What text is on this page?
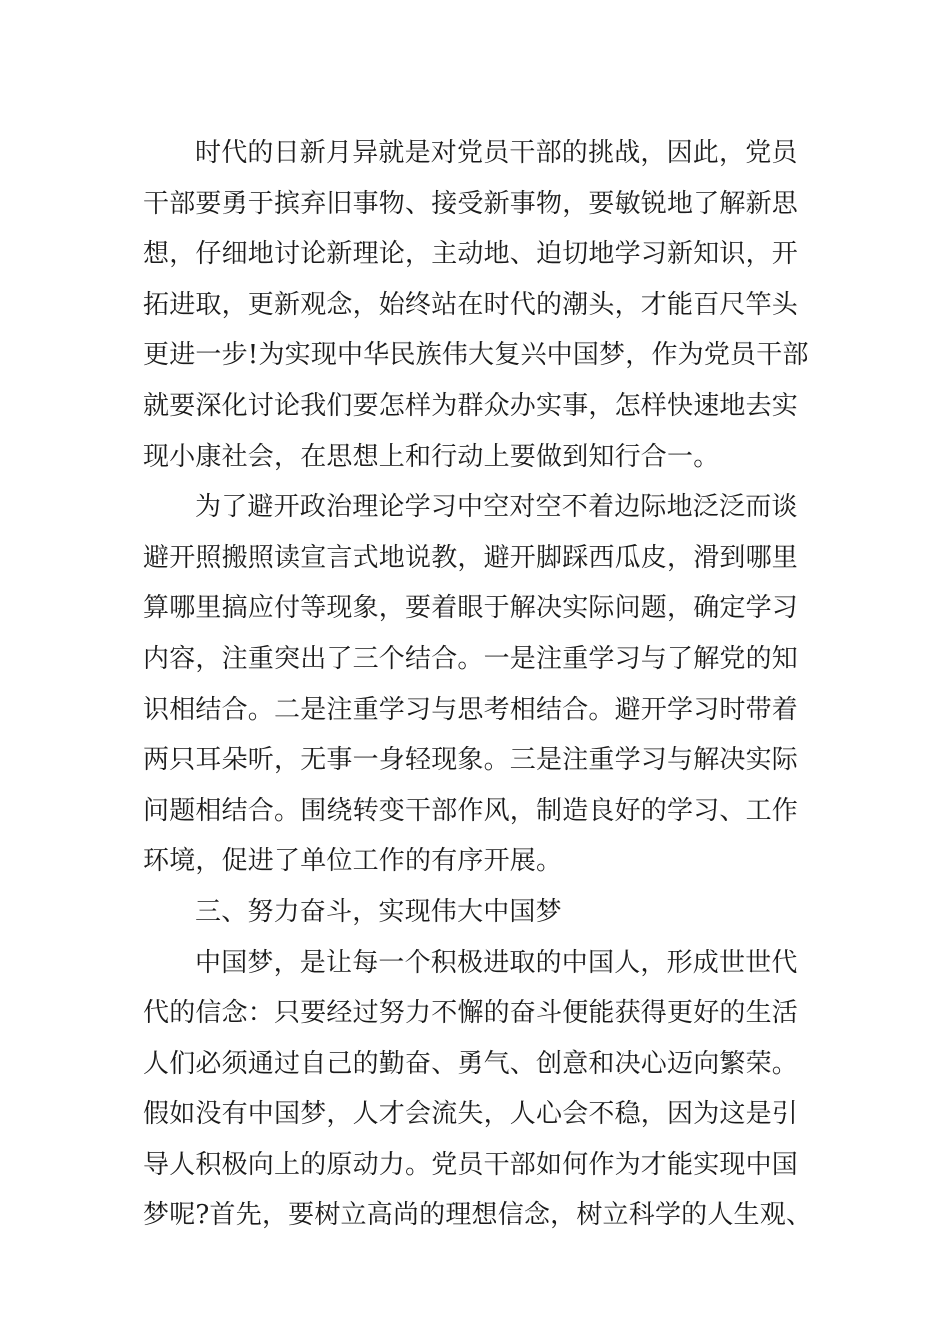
时代的日新月异就是对党员干部的挑战，因此，党员
干部要勇于摈弃旧事物、接受新事物，要敏锐地了解新思
想，仔细地讨论新理论，主动地、迫切地学习新知识，开
拓进取，更新观念，始终站在时代的潮头，才能百尺竿头
更进一步!为实现中华民族伟大复兴中国梦，作为党员干部
就要深化讨论我们要怎样为群众办实事，怎样快速地去实
现小康社会，在思想上和行动上要做到知行合一。
为了避开政治理论学习中空对空不着边际地泛泛而谈
避开照搬照读宣言式地说教，避开脚踩西瓜皮，滑到哪里
算哪里搞应付等现象，要着眼于解决实际问题，确定学习
内容，注重突出了三个结合。一是注重学习与了解党的知
识相结合。二是注重学习与思考相结合。避开学习时带着
两只耳朵听，无事一身轻现象。三是注重学习与解决实际
问题相结合。围绕转变干部作风，制造良好的学习、工作
环境，促进了单位工作的有序开展。
三、努力奋斗，实现伟大中国梦
中国梦，是让每一个积极进取的中国人，形成世世代
代的信念：只要经过努力不懈的奋斗便能获得更好的生活
人们必须通过自己的勤奋、勇气、创意和决心迈向繁荣。
假如没有中国梦，人才会流失，人心会不稳，因为这是引
导人积极向上的原动力。党员干部如何作为才能实现中国
梦呢?首先，要树立高尚的理想信念，树立科学的人生观、
